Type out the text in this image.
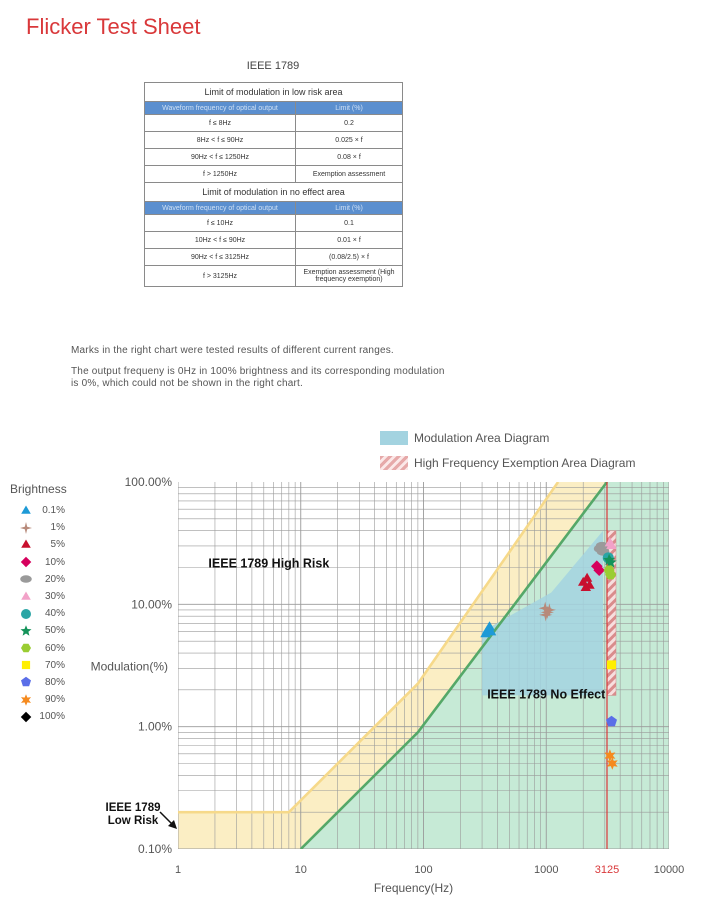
Flicker Test Sheet
IEEE 1789
Limit of modulation in low risk area	
Waveform frequency of optical output	Limit (%)
f ≤ 8Hz	0.2
8Hz < f ≤ 90Hz	0.025 × f
90Hz < f ≤ 1250Hz	0.08 × f
f > 1250Hz	Exemption assessment
Limit of modulation in no effect area	
Waveform frequency of optical output	Limit (%)
f ≤ 10Hz	0.1
10Hz < f ≤ 90Hz	0.01 × f
90Hz < f ≤ 3125Hz	(0.08/2.5) × f
f > 3125Hz	Exemption assessment (High frequency exemption)

Marks in the right chart were tested results of different current ranges.

The output frequeny is 0Hz in 100% brightness and its corresponding modulation is 0%, which could not be shown in the right chart.

Modulation Area Diagram
High Frequency Exemption Area Diagram
Brightness
0.1%
1%
5%
10%
20%
30%
40%
50%
60%
70%
80%
90%
100%
1	10	100	1000	3125	10000
0.10%
1.00%
10.00%
100.00%
Frequency(Hz)
Modulation(%)
IEEE 1789 High Risk
IEEE 1789 No Effect
IEEE 1789 Low Risk
